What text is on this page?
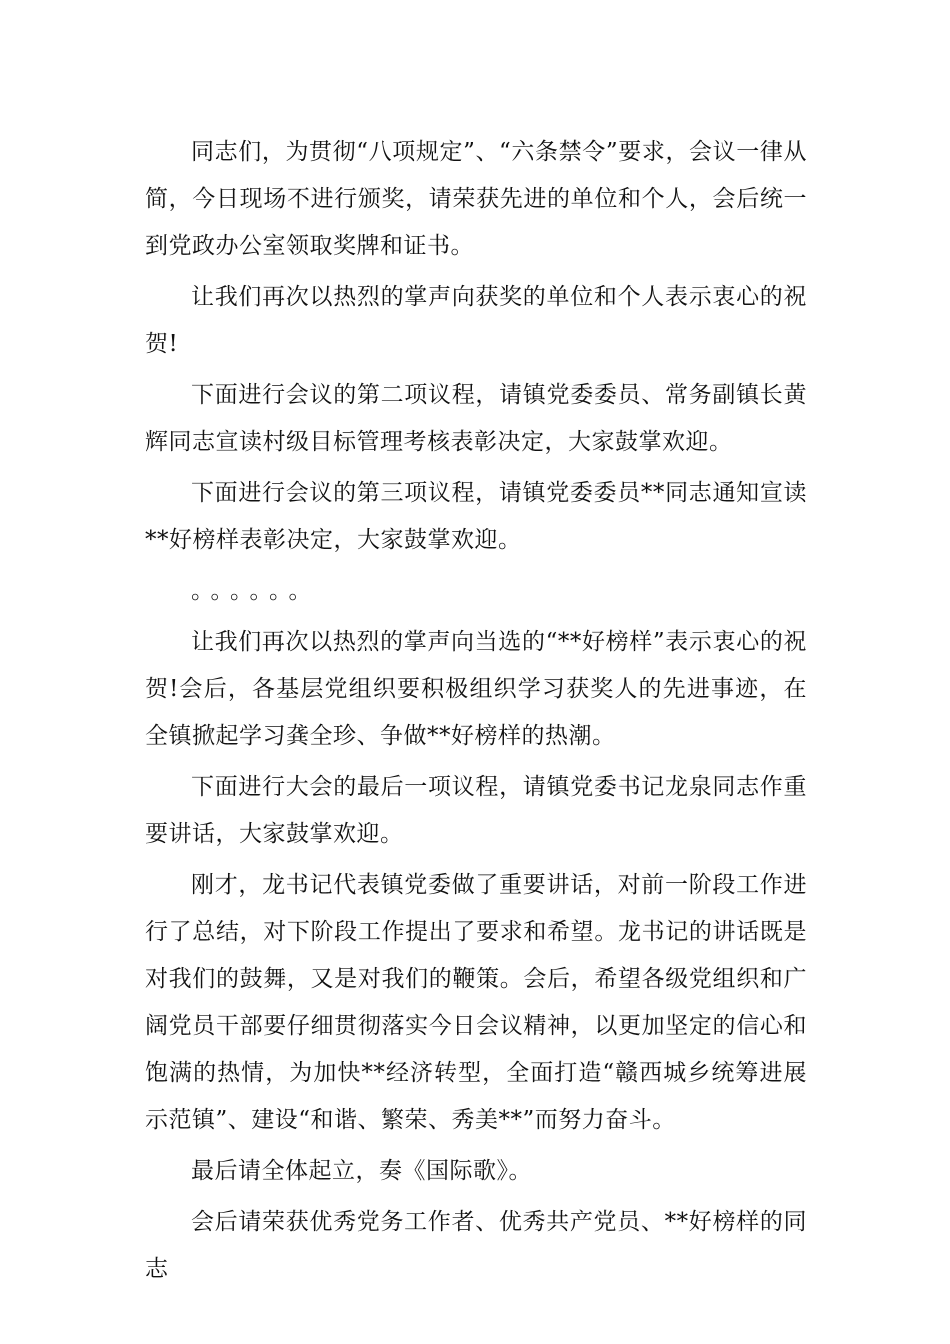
同志们，为贯彻“八项规定”、“六条禁令”要求，会议一律从简，今日现场不进行颁奖，请荣获先进的单位和个人，会后统一到党政办公室领取奖牌和证书。

让我们再次以热烈的掌声向获奖的单位和个人表示衷心的祝贺!

下面进行会议的第二项议程，请镇党委委员、常务副镇长黄辉同志宣读村级目标管理考核表彰决定，大家鼓掌欢迎。

下面进行会议的第三项议程，请镇党委委员**同志通知宣读**好榜样表彰决定，大家鼓掌欢迎。

。。。。。。

让我们再次以热烈的掌声向当选的“**好榜样”表示衷心的祝贺!会后，各基层党组织要积极组织学习获奖人的先进事迹，在全镇掀起学习龚全珍、争做**好榜样的热潮。

下面进行大会的最后一项议程，请镇党委书记龙泉同志作重要讲话，大家鼓掌欢迎。

刚才，龙书记代表镇党委做了重要讲话，对前一阶段工作进行了总结，对下阶段工作提出了要求和希望。龙书记的讲话既是对我们的鼓舞，又是对我们的鞭策。会后，希望各级党组织和广阔党员干部要仔细贯彻落实今日会议精神，以更加坚定的信心和饱满的热情，为加快**经济转型，全面打造“赣西城乡统筹进展示范镇”、建设“和谐、繁荣、秀美**”而努力奋斗。

最后请全体起立，奏《国际歌》。

会后请荣获优秀党务工作者、优秀共产党员、**好榜样的同志
